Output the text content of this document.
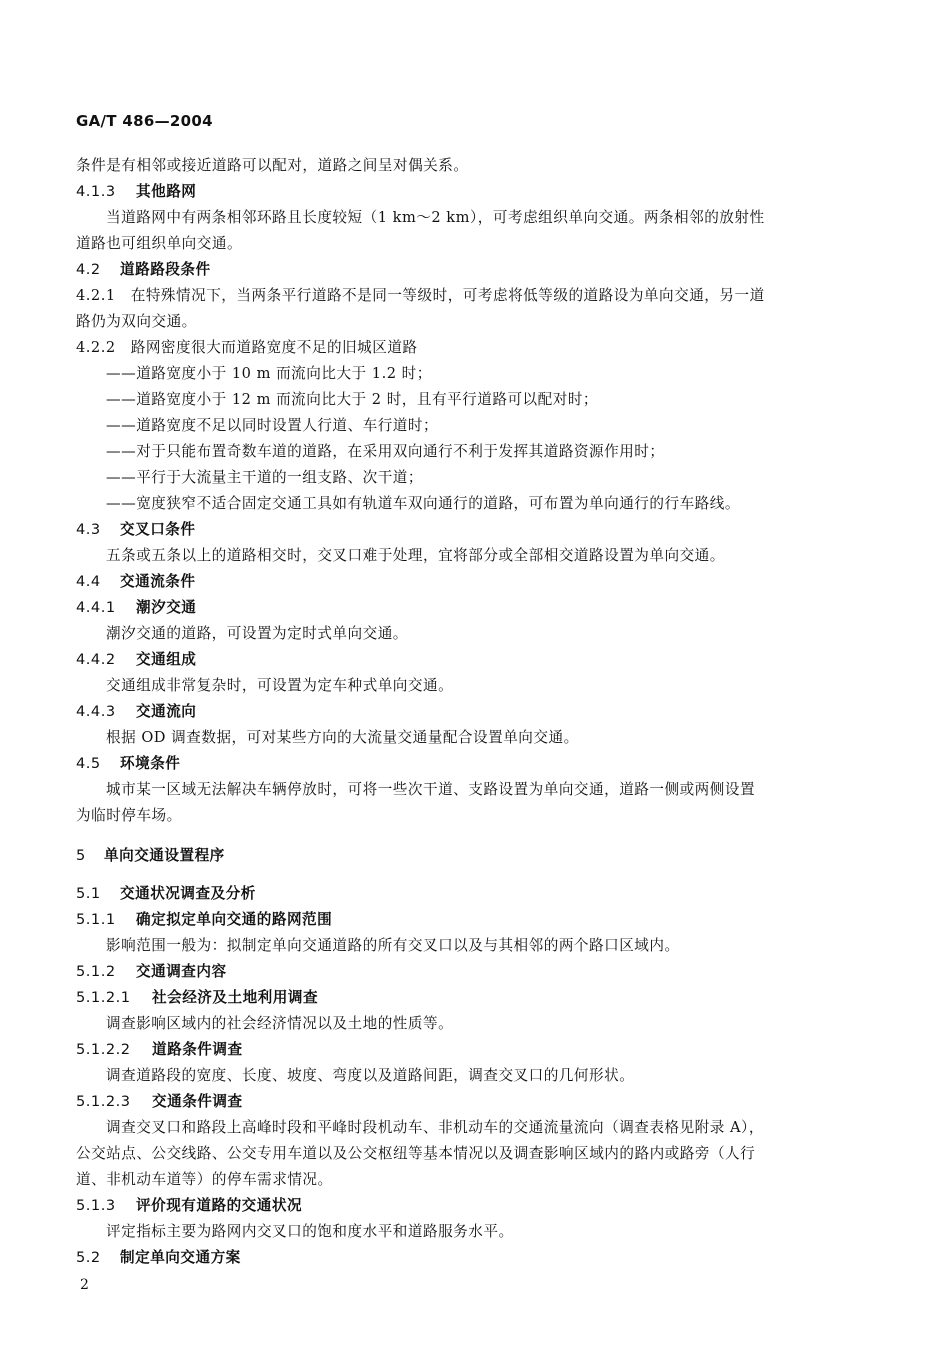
GA/T 486—2004
条件是有相邻或接近道路可以配对，道路之间呈对偶关系。
4.1.3 其他路网
当道路网中有两条相邻环路且长度较短（1 km～2 km），可考虑组织单向交通。两条相邻的放射性
道路也可组织单向交通。
4.2 道路路段条件
4.2.1　在特殊情况下，当两条平行道路不是同一等级时，可考虑将低等级的道路设为单向交通，另一道
路仍为双向交通。
4.2.2　路网密度很大而道路宽度不足的旧城区道路
——道路宽度小于 10 m 而流向比大于 1.2 时；
——道路宽度小于 12 m 而流向比大于 2 时，且有平行道路可以配对时；
——道路宽度不足以同时设置人行道、车行道时；
——对于只能布置奇数车道的道路，在采用双向通行不利于发挥其道路资源作用时；
——平行于大流量主干道的一组支路、次干道；
——宽度狭窄不适合固定交通工具如有轨道车双向通行的道路，可布置为单向通行的行车路线。
4.3 交叉口条件
五条或五条以上的道路相交时，交叉口难于处理，宜将部分或全部相交道路设置为单向交通。
4.4 交通流条件
4.4.1 潮汐交通
潮汐交通的道路，可设置为定时式单向交通。
4.4.2 交通组成
交通组成非常复杂时，可设置为定车种式单向交通。
4.4.3 交通流向
根据 OD 调查数据，可对某些方向的大流量交通量配合设置单向交通。
4.5 环境条件
城市某一区域无法解决车辆停放时，可将一些次干道、支路设置为单向交通，道路一侧或两侧设置
为临时停车场。
5 单向交通设置程序
5.1 交通状况调查及分析
5.1.1 确定拟定单向交通的路网范围
影响范围一般为：拟制定单向交通道路的所有交叉口以及与其相邻的两个路口区域内。
5.1.2 交通调查内容
5.1.2.1 社会经济及土地利用调查
调查影响区域内的社会经济情况以及土地的性质等。
5.1.2.2 道路条件调查
调查道路段的宽度、长度、坡度、弯度以及道路间距，调查交叉口的几何形状。
5.1.2.3 交通条件调查
调查交叉口和路段上高峰时段和平峰时段机动车、非机动车的交通流量流向（调查表格见附录 A），
公交站点、公交线路、公交专用车道以及公交枢纽等基本情况以及调查影响区域内的路内或路旁（人行
道、非机动车道等）的停车需求情况。
5.1.3 评价现有道路的交通状况
评定指标主要为路网内交叉口的饱和度水平和道路服务水平。
5.2 制定单向交通方案
2
